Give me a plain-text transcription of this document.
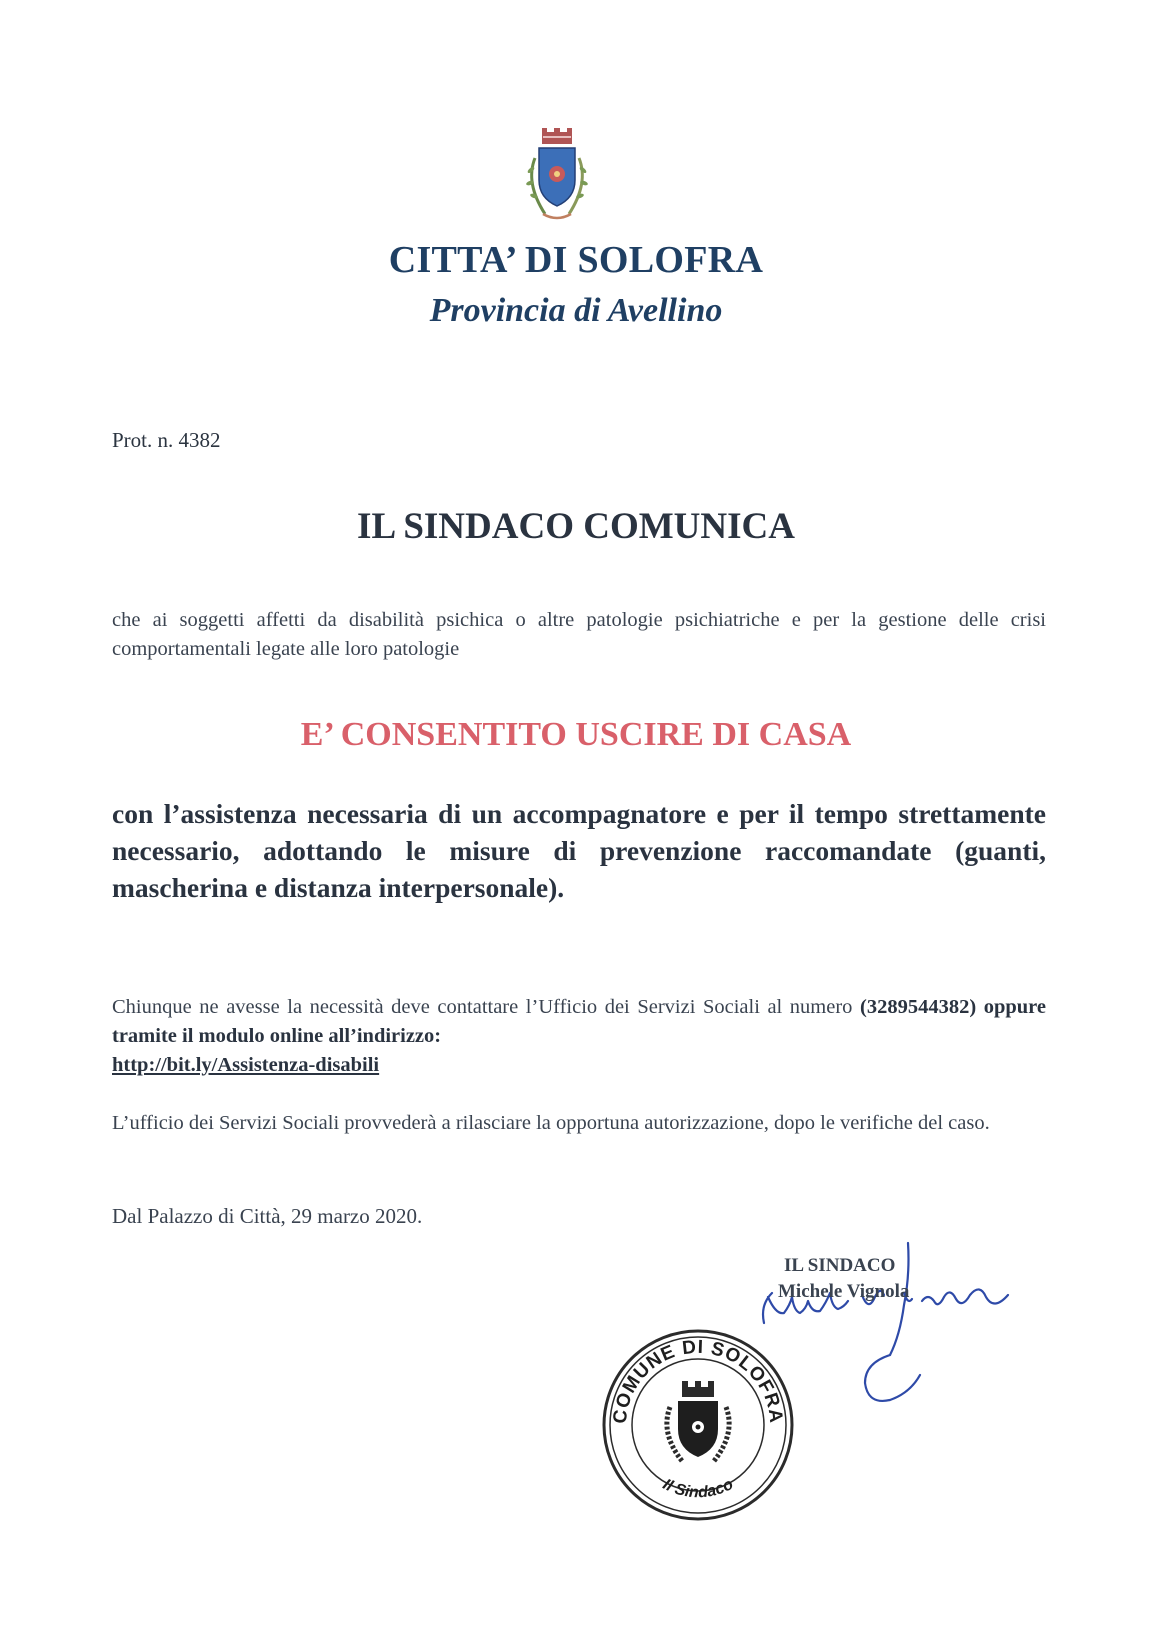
CITTA’ DI SOLOFRA
Provincia di Avellino
Prot. n. 4382
IL SINDACO COMUNICA
che ai soggetti affetti da disabilità psichica o altre patologie psichiatriche e per la gestione delle crisi comportamentali legate alle loro patologie
E’ CONSENTITO USCIRE DI CASA
con l’assistenza necessaria di un accompagnatore e per il tempo strettamente necessario, adottando le misure di prevenzione raccomandate (guanti, mascherina e distanza interpersonale).
Chiunque ne avesse la necessità deve contattare l’Ufficio dei Servizi Sociali al numero (3289544382) oppure tramite il modulo online all’indirizzo:
http://bit.ly/Assistenza-disabili
L’ufficio dei Servizi Sociali provvederà a rilasciare la opportuna autorizzazione, dopo le verifiche del caso.
Dal Palazzo di Città, 29 marzo 2020.
IL SINDACO
Michele Vignola
COMUNE DI SOLOFRA
Il Sindaco
